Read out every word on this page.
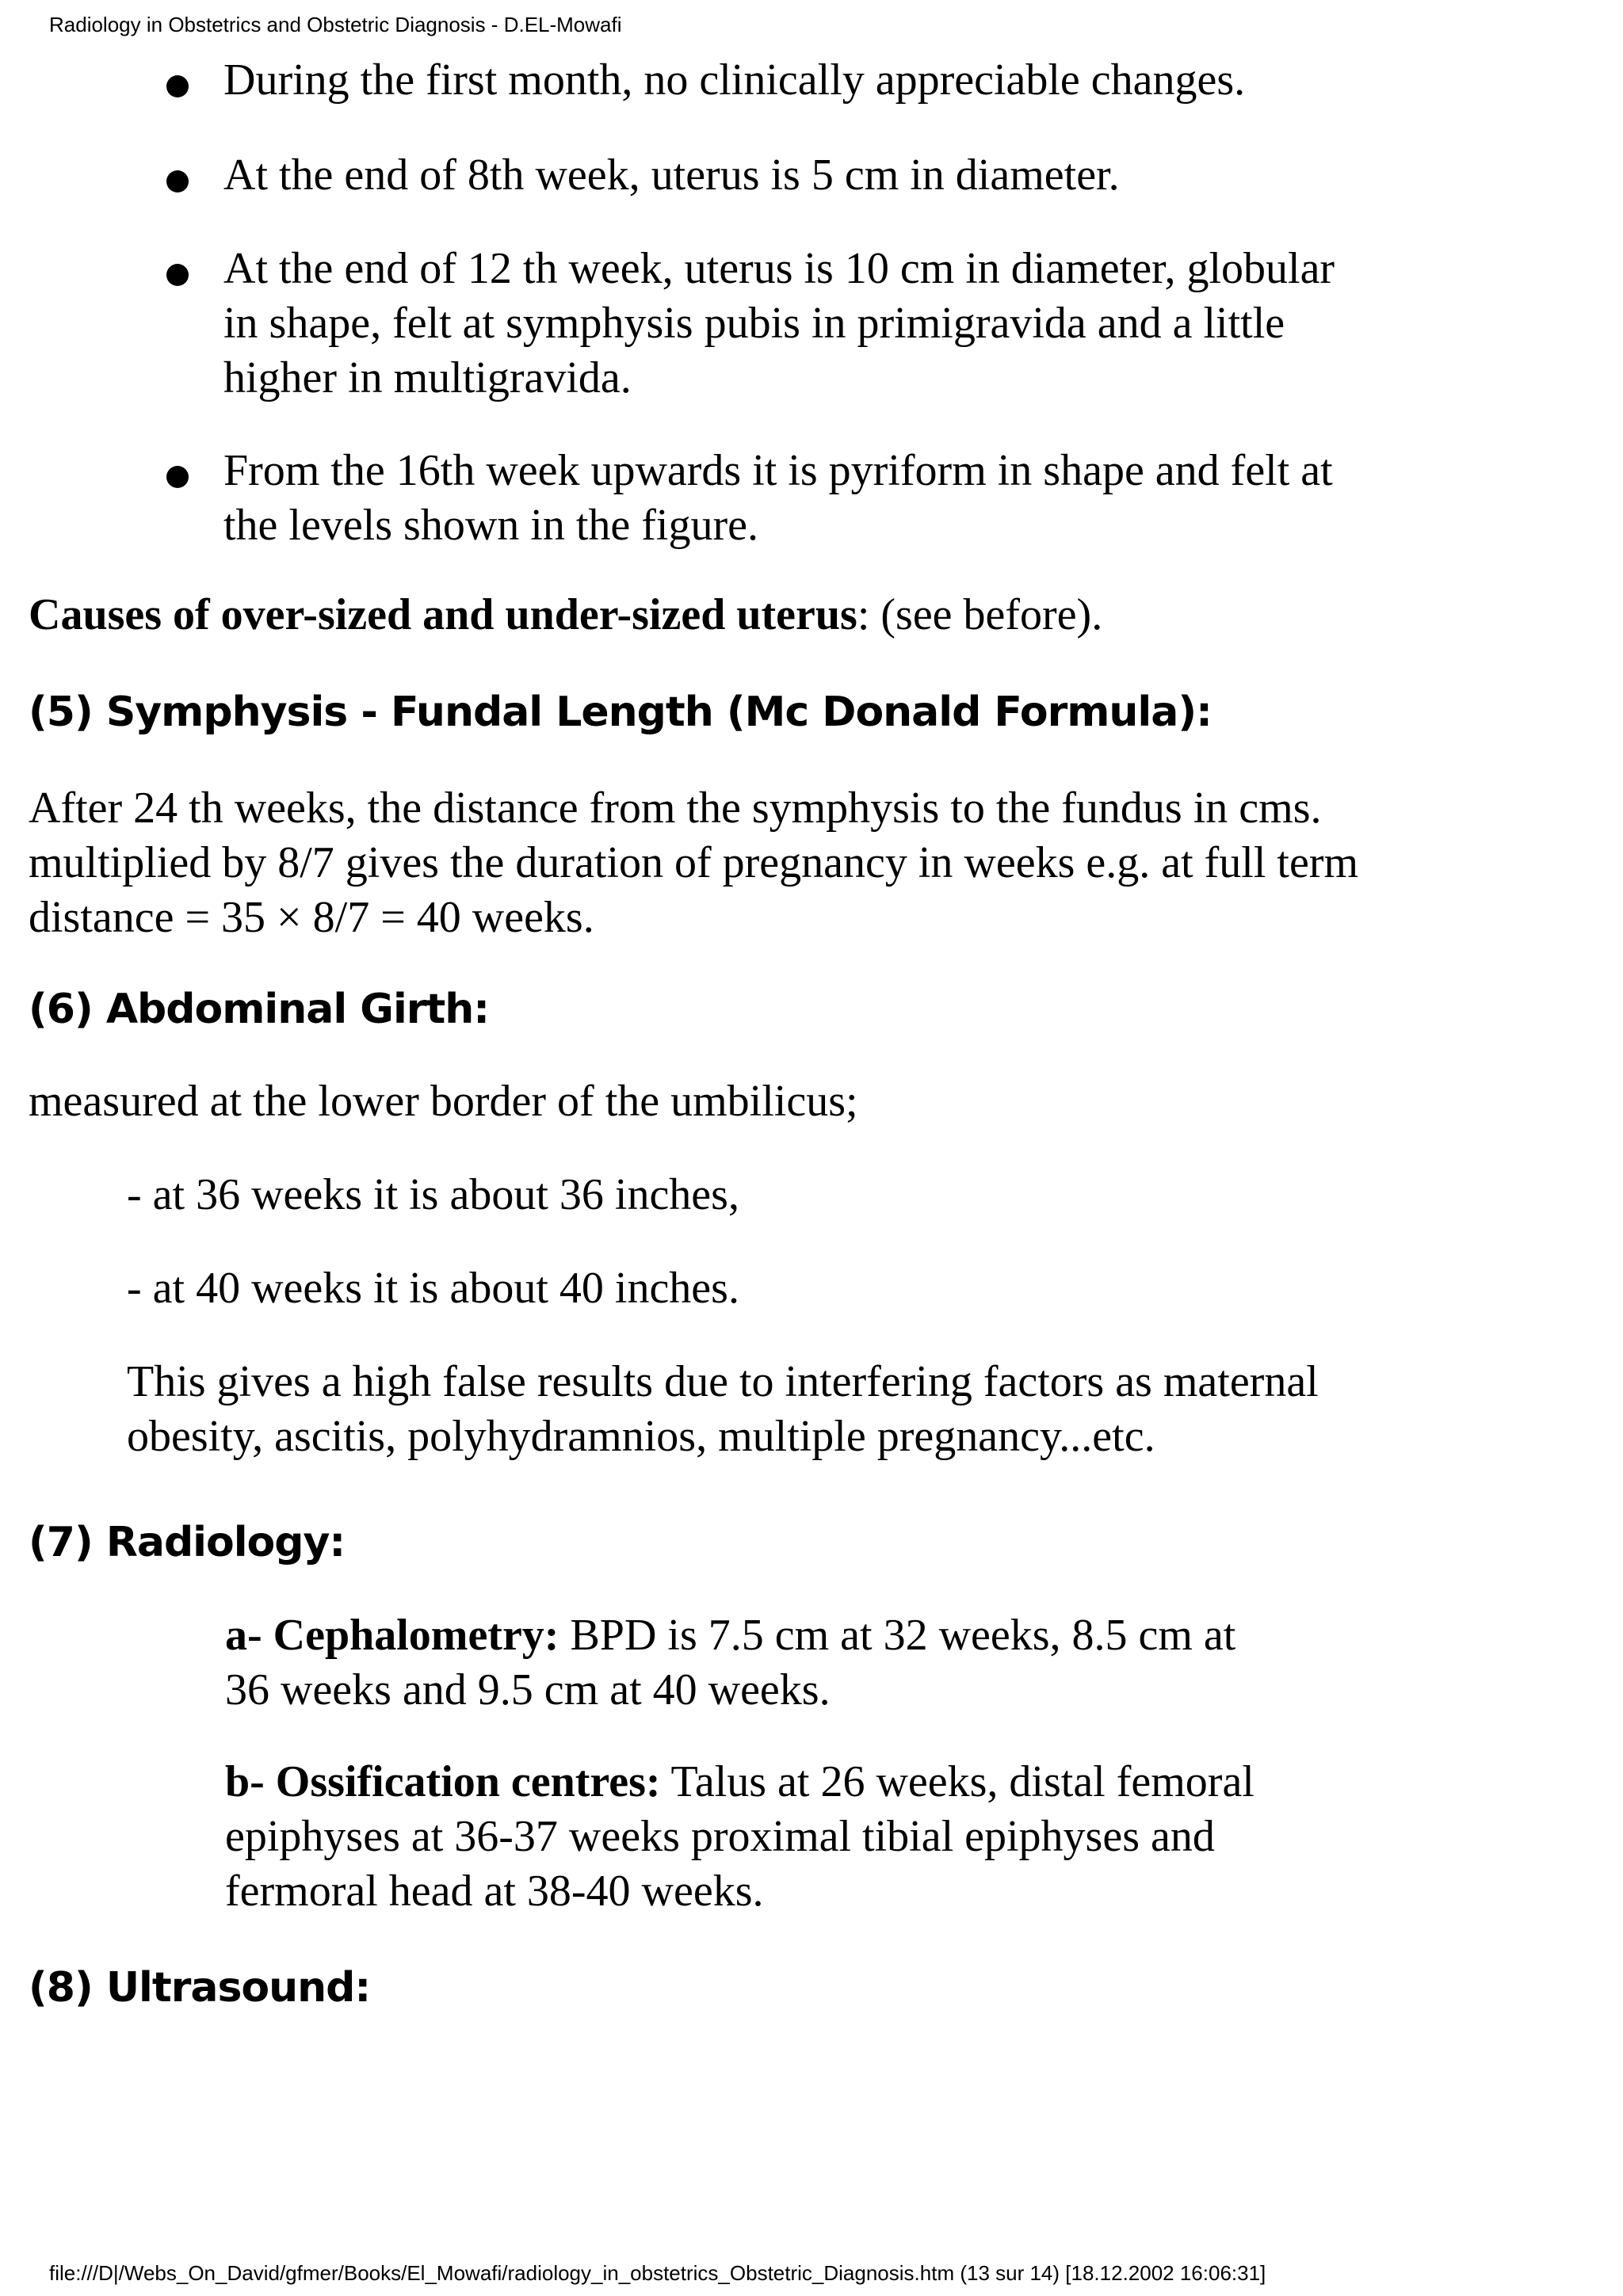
Radiology in Obstetrics and Obstetric Diagnosis - D.EL-Mowafi
During the first month, no clinically appreciable changes.
At the end of 8th week, uterus is 5 cm in diameter.
At the end of 12 th week, uterus is 10 cm in diameter, globular
in shape, felt at symphysis pubis in primigravida and a little
higher in multigravida.
From the 16th week upwards it is pyriform in shape and felt at
the levels shown in the figure.
Causes of over-sized and under-sized uterus: (see before).
(5) Symphysis - Fundal Length (Mc Donald Formula):
After 24 th weeks, the distance from the symphysis to the fundus in cms.
multiplied by 8/7 gives the duration of pregnancy in weeks e.g. at full term
distance = 35 × 8/7 = 40 weeks.
(6) Abdominal Girth:
measured at the lower border of the umbilicus;
- at 36 weeks it is about 36 inches,
- at 40 weeks it is about 40 inches.
This gives a high false results due to interfering factors as maternal
obesity, ascitis, polyhydramnios, multiple pregnancy...etc.
(7) Radiology:
a- Cephalometry: BPD is 7.5 cm at 32 weeks, 8.5 cm at
36 weeks and 9.5 cm at 40 weeks.
b- Ossification centres: Talus at 26 weeks, distal femoral
epiphyses at 36-37 weeks proximal tibial epiphyses and
fermoral head at 38-40 weeks.
(8) Ultrasound:
file:///D|/Webs_On_David/gfmer/Books/El_Mowafi/radiology_in_obstetrics_Obstetric_Diagnosis.htm (13 sur 14) [18.12.2002 16:06:31]
